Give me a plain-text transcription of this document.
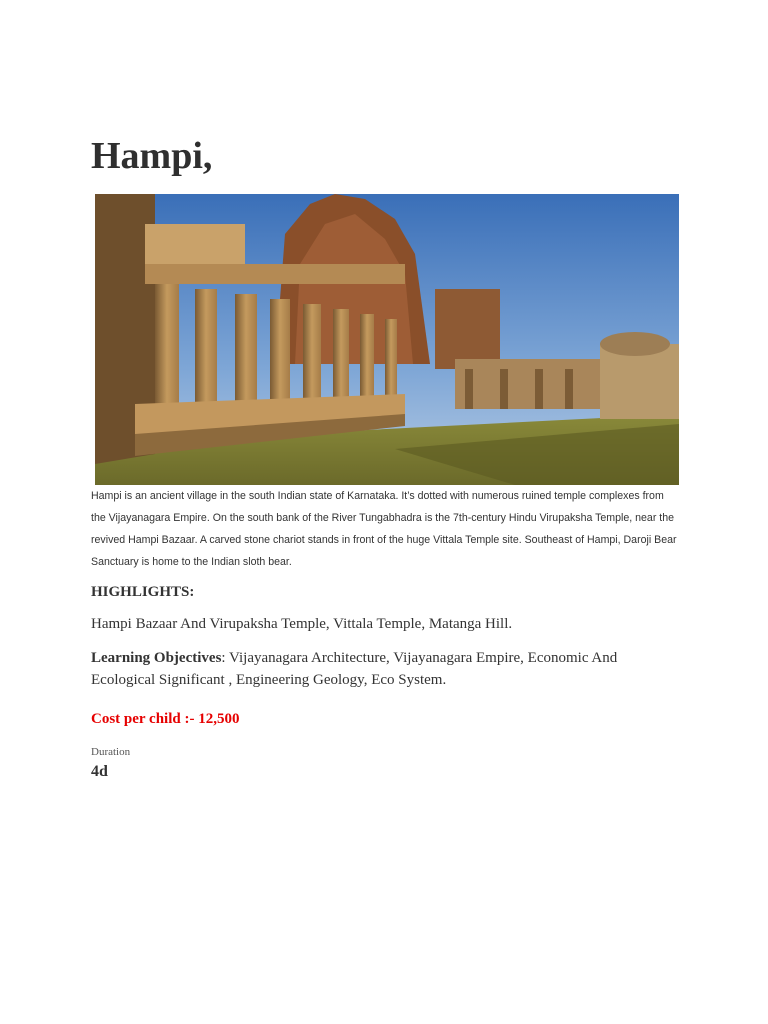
Hampi,

Hampi is an ancient village in the south Indian state of Karnataka. It’s dotted with numerous ruined temple complexes from the Vijayanagara Empire. On the south bank of the River Tungabhadra is the 7th-century Hindu Virupaksha Temple, near the revived Hampi Bazaar. A carved stone chariot stands in front of the huge Vittala Temple site. Southeast of Hampi, Daroji Bear Sanctuary is home to the Indian sloth bear.

HIGHLIGHTS:

Hampi Bazaar And Virupaksha Temple, Vittala Temple, Matanga Hill.

Learning Objectives: Vijayanagara Architecture, Vijayanagara Empire, Economic And Ecological Significant , Engineering Geology, Eco System.

Cost per child :- 12,500

Duration

4d
